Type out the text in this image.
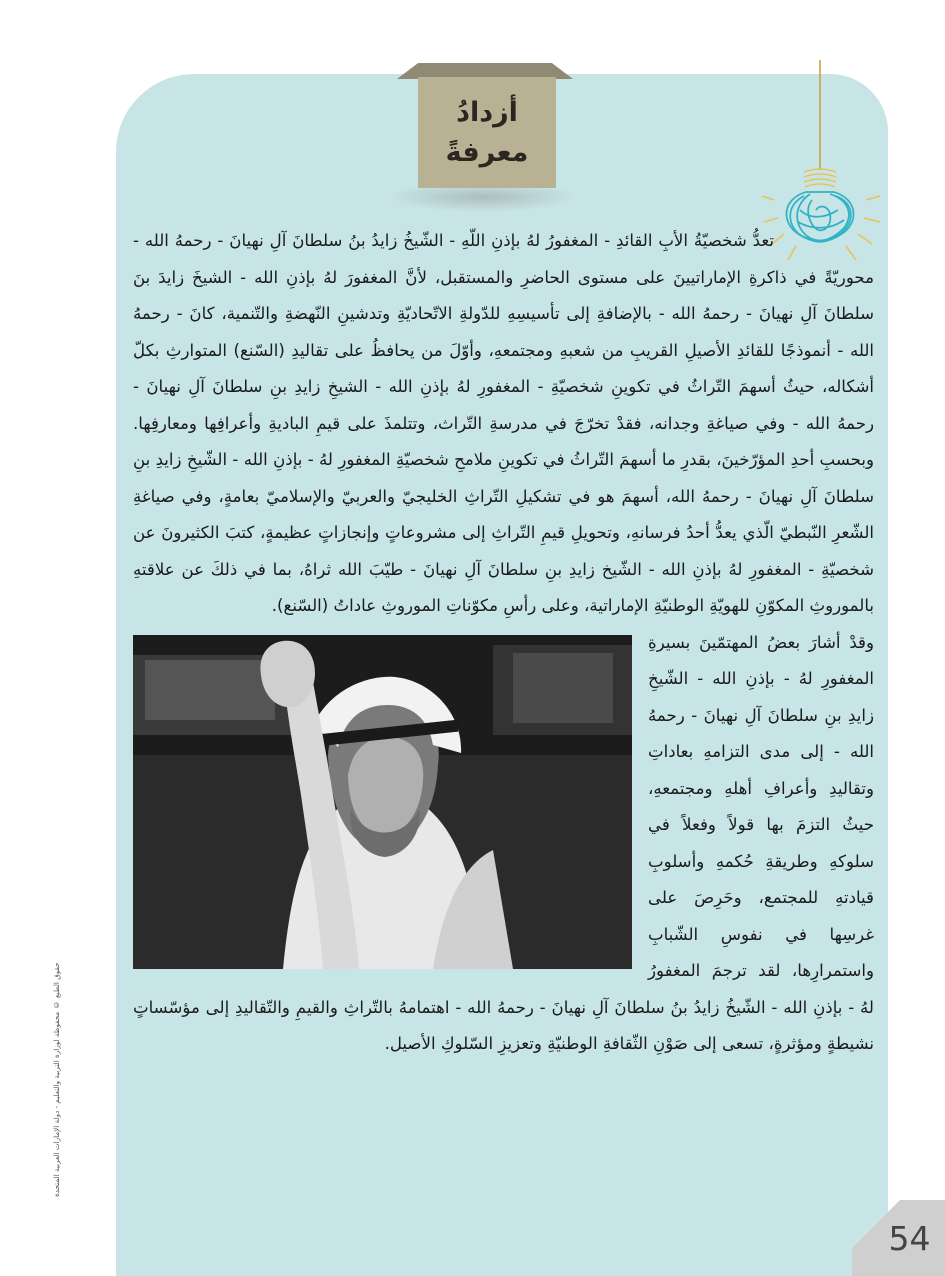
أزدادُ
معرفةً

تعدُّ شخصيّةُ الأبِ القائدِ - المغفورُ لهُ بإذنِ اللّهِ - الشّيخُ زايدُ بنُ سلطانَ آلِ نهيانَ - رحمهُ الله - محوريّةً في ذاكرةِ الإماراتيينَ على مستوى الحاضرِ والمستقبل، لأنَّ المغفورَ لهُ بإذنِ الله - الشيخَ زايدَ بنَ سلطانَ آلِ نهيانَ - رحمهُ الله - بالإضافةِ إلى تأسيسِهِ للدّولةِ الاتّحاديّةِ وتدشينِ النّهضةِ والتّنمية، كانَ - رحمهُ الله - أنموذجًا للقائدِ الأصيلِ القريبِ من شعبهِ ومجتمعهِ، وأوّلَ من يحافظُ على تقاليدِ (السّنع) المتوارثِ بكلّ أشكاله، حيثُ أسهمَ التّراثُ في تكوينِ شخصيّةِ - المغفورِ لهُ بإذنِ الله - الشيخِ زايدِ بنِ سلطانَ آلِ نهيانَ - رحمهُ الله - وفي صياغةِ وجدانه، فقدْ تخرّجَ في مدرسةِ التّراث، وتتلمذَ على قيمِ الباديةِ وأعرافِها ومعارفِها. وبحسبِ أحدِ المؤرّخينَ، بقدرِ ما أسهمَ التّراثُ في تكوينِ ملامحِ شخصيّةِ المغفورِ لهُ - بإذنِ الله - الشّيخِ زايدِ بنِ سلطانَ آلِ نهيانَ - رحمهُ الله، أسهمَ هو في تشكيلِ التّراثِ الخليجيّ والعربيّ والإسلاميّ بعامةٍ، وفي صياغةِ الشّعرِ النّبطيّ الّذي يعدُّ أحدُ فرسانهِ، وتحويلِ قيمِ التّراثِ إلى مشروعاتٍ وإنجازاتٍ عظيمةٍ، كتبَ الكثيرونَ عن شخصيّةِ - المغفورِ لهُ بإذنِ الله - الشّيخ زايدِ بنِ سلطانَ آلِ نهيانَ - طيّبَ الله ثراهُ، بما في ذلكَ عن علاقتهِ بالموروثِ المكوّنِ للهويّةِ الوطنيّةِ الإماراتية، وعلى رأسِ مكوّناتِ الموروثِ عاداتُ (السّنع).

وقدْ أشارَ بعضُ المهتمّينَ بسيرةِ المغفورِ لهُ - بإذنِ الله - الشّيخِ زايدِ بنِ سلطانَ آلِ نهيانَ - رحمهُ الله - إلى مدى التزامهِ بعاداتِ وتقاليدِ وأعرافِ أهلهِ ومجتمعهِ، حيثُ التزمَ بها قولاً وفعلاً في سلوكهِ وطريقةِ حُكمهِ وأسلوبِ قيادتهِ للمجتمع، وحَرِصَ على غرسِها في نفوسِ الشّبابِ واستمرارِها، لقد ترجمَ المغفورُ لهُ - بإذنِ الله - الشّيخُ زايدُ بنُ سلطانَ آلِ نهيانَ - رحمهُ الله - اهتمامهُ بالتّراثِ والقيمِ والتّقاليدِ إلى مؤسّساتٍ نشيطةٍ ومؤثرةٍ، تسعى إلى صَوْنِ الثّقافةِ الوطنيّةِ وتعزيزِ السّلوكِ الأصيل.

حقوق الطبع © محفوظة لوزارة التربية والتعليم - دولة الإمارات العربية المتحدة
54
